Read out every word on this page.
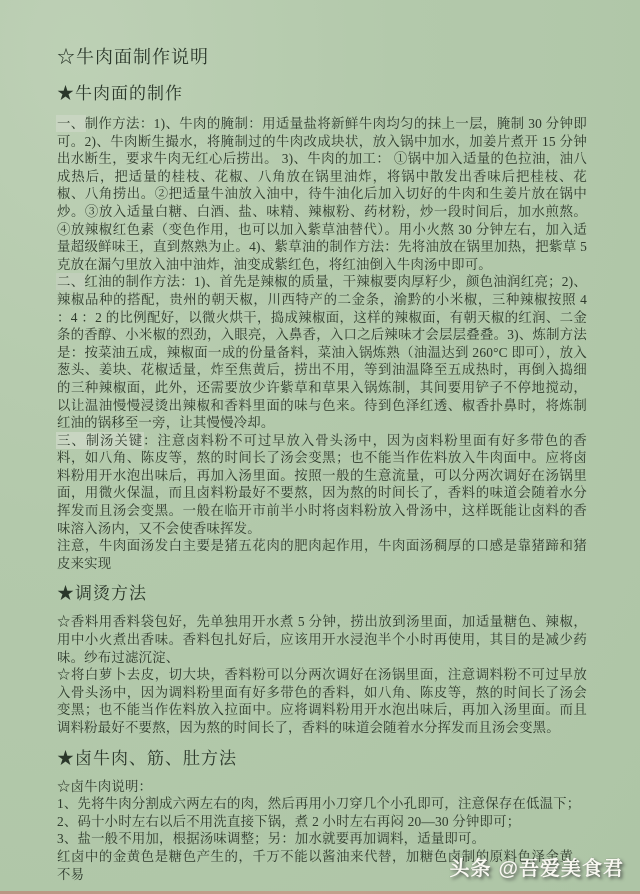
☆牛肉面制作说明
★牛肉面的制作

一、制作方法：1)、牛肉的腌制：用适量盐将新鲜牛肉均匀的抹上一层，腌制 30 分钟即可。2)、牛肉断生撮水，将腌制过的牛肉改成块状，放入锅中加水，加姜片煮开 15 分钟出水断生，要求牛肉无红心后捞出。 3)、牛肉的加工： ①锅中加入适量的色拉油，油八成热后，把适量的桂枝、花椒、八角放在锅里油炸，将锅中散发出香味后把桂枝、花椒、八角捞出。②把适量牛油放入油中，待牛油化后加入切好的牛肉和生姜片放在锅中炒。③放入适量白糖、白酒、盐、味精、辣椒粉、药材粉，炒一段时间后，加水煎熬。④放辣椒红色素（变色作用，也可以加入紫草油替代）。用小火熬 30 分钟左右，加入适量超级鲜味王，直到熬熟为止。4)、紫草油的制作方法：先将油放在锅里加热，把紫草 5 克放在漏勺里放入油中油炸，油变成紫红色，将红油倒入牛肉汤中即可。

二、红油的制作方法：1)、首先是辣椒的质量，干辣椒要肉厚籽少，颜色油润红亮；2)、辣椒品种的搭配，贵州的朝天椒，川西特产的二金条，渝黔的小米椒，三种辣椒按照 4 ：4 ：2 的比例配好，以微火烘干，捣成辣椒面，这样的辣椒面，有朝天椒的红润、二金条的香醇、小米椒的烈劲，入眼亮，入鼻香，入口之后辣味才会层层叠叠。3)、炼制方法是：按菜油五成，辣椒面一成的份量备料，菜油入锅炼熟（油温达到 260°C 即可），放入葱头、姜块、花椒适量，炸至焦黄后，捞出不用，等到油温降至五成热时，再倒入捣细的三种辣椒面，此外，还需要放少许紫草和草果入锅炼制，其间要用铲子不停地搅动，以让温油慢慢浸烫出辣椒和香料里面的味与色来。待到色泽红透、椒香扑鼻时，将炼制红油的锅移至一旁，让其慢慢冷却。

三、制汤关键：注意卤料粉不可过早放入骨头汤中，因为卤料粉里面有好多带色的香料，如八角、陈皮等，熬的时间长了汤会变黑；也不能当作佐料放入牛肉面中。应将卤料粉用开水泡出味后，再加入汤里面。按照一般的生意流量，可以分两次调好在汤锅里面，用微火保温，而且卤料粉最好不要熬，因为熬的时间长了，香料的味道会随着水分挥发而且汤会变黑。一般在临开市前半小时将卤料粉放入骨汤中，这样既能让卤料的香味溶入汤内，又不会使香味挥发。

注意，牛肉面汤发白主要是猪五花肉的肥肉起作用，牛肉面汤稠厚的口感是靠猪蹄和猪皮来实现

★调烫方法

☆香料用香料袋包好，先单独用开水煮 5 分钟，捞出放到汤里面，加适量糖色、辣椒，用中小火煮出香味。香料包扎好后，应该用开水浸泡半个小时再使用，其目的是减少药味。纱布过滤沉淀、

☆将白萝卜去皮，切大块，香料粉可以分两次调好在汤锅里面，注意调料粉不可过早放入骨头汤中，因为调料粉里面有好多带色的香料，如八角、陈皮等，熬的时间长了汤会变黑；也不能当作佐料放入拉面中。应将调料粉用开水泡出味后，再加入汤里面。而且调料粉最好不要熬，因为熬的时间长了，香料的味道会随着水分挥发而且汤会变黑。

★卤牛肉、筋、肚方法
☆卤牛肉说明：
1、先将牛肉分割成六两左右的肉，然后再用小刀穿几个小孔即可，注意保存在低温下；
2、码十小时左右以后不用洗直接下锅，煮 2 小时左右再闷 20—30 分钟即可；
3、盐一般不用加，根据汤味调整；另：加水就要再加调料，适量即可。

红卤中的金黄色是糖色产生的，千万不能以酱油来代替，加糖色卤制的原料色泽金黄，不易	头条 @吾爱美食君
